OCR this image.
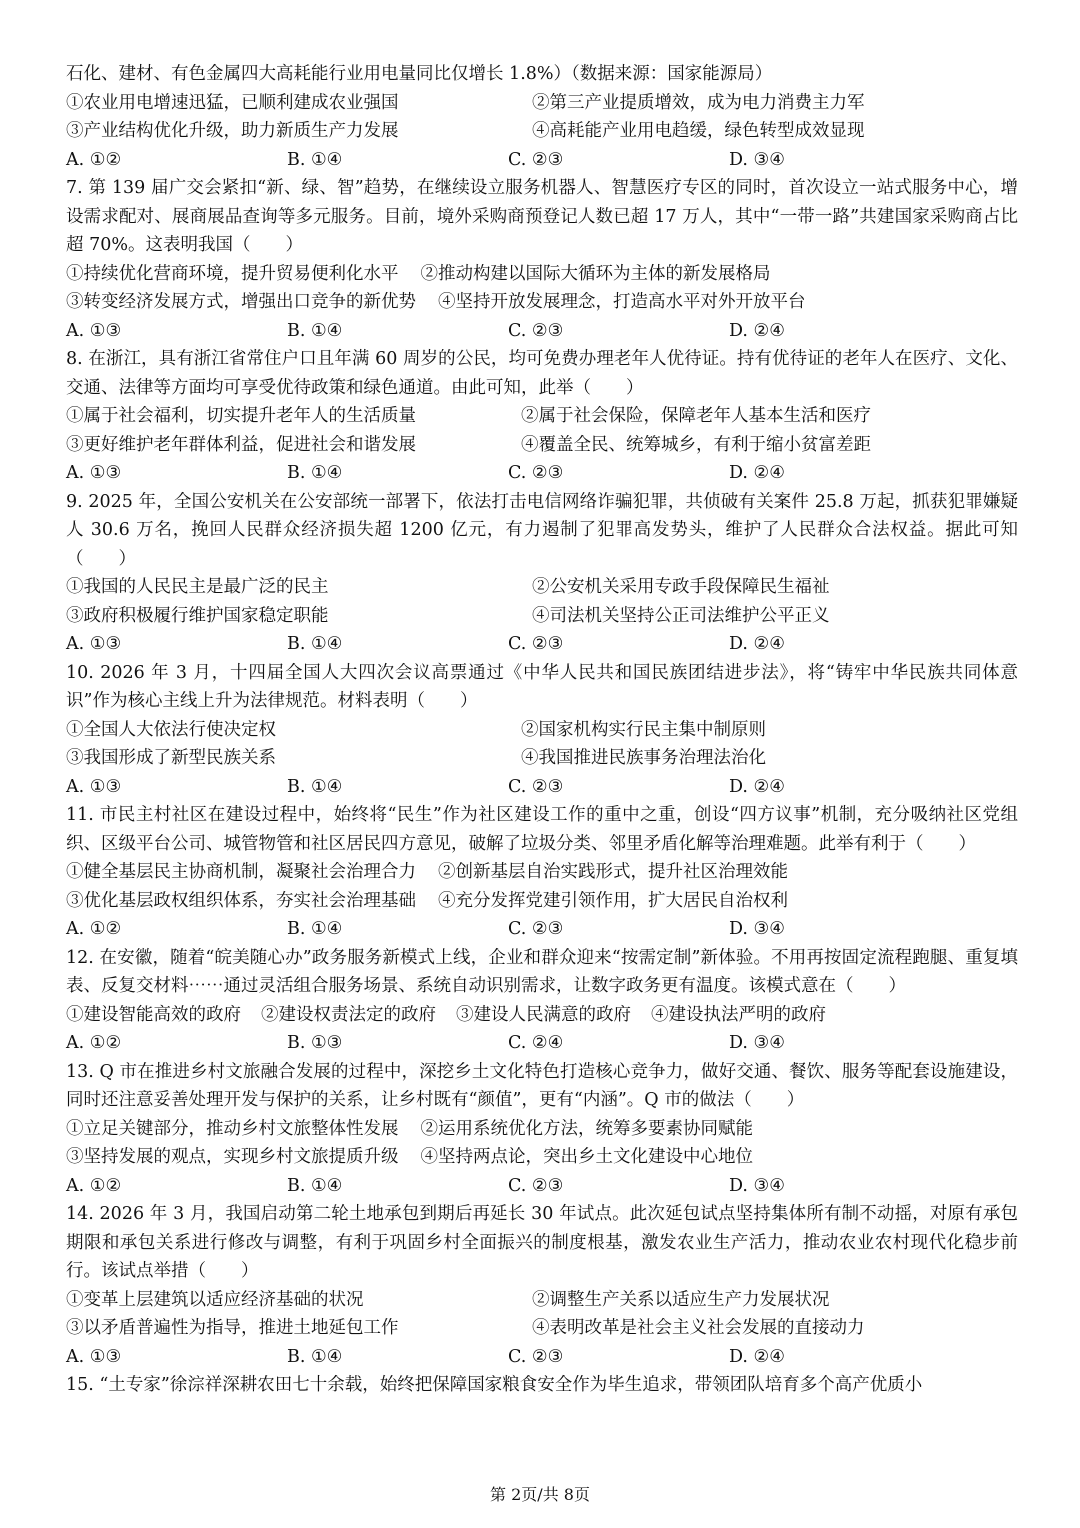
石化、建材、有色金属四大高耗能行业用电量同比仅增长 1.8%）（数据来源：国家能源局）
①农业用电增速迅猛，已顺利建成农业强国	②第三产业提质增效，成为电力消费主力军
③产业结构优化升级，助力新质生产力发展	④高耗能产业用电趋缓，绿色转型成效显现
A. ①②	B. ①④	C. ②③	D. ③④
7. 第 139 届广交会紧扣“新、绿、智”趋势，在继续设立服务机器人、智慧医疗专区的同时，首次设立一站式服务中心，增设需求配对、展商展品查询等多元服务。目前，境外采购商预登记人数已超 17 万人，其中“一带一路”共建国家采购商占比超 70%。这表明我国（　　）
①持续优化营商环境，提升贸易便利化水平 ②推动构建以国际大循环为主体的新发展格局
③转变经济发展方式，增强出口竞争的新优势 ④坚持开放发展理念，打造高水平对外开放平台
A. ①③	B. ①④	C. ②③	D. ②④
8. 在浙江，具有浙江省常住户口且年满 60 周岁的公民，均可免费办理老年人优待证。持有优待证的老年人在医疗、文化、交通、法律等方面均可享受优待政策和绿色通道。由此可知，此举（　　）
①属于社会福利，切实提升老年人的生活质量	②属于社会保险，保障老年人基本生活和医疗
③更好维护老年群体利益，促进社会和谐发展	④覆盖全民、统筹城乡，有利于缩小贫富差距
A. ①③	B. ①④	C. ②③	D. ②④
9. 2025 年，全国公安机关在公安部统一部署下，依法打击电信网络诈骗犯罪，共侦破有关案件 25.8 万起，抓获犯罪嫌疑人 30.6 万名，挽回人民群众经济损失超 1200 亿元，有力遏制了犯罪高发势头，维护了人民群众合法权益。据此可知（　　）
①我国的人民民主是最广泛的民主	②公安机关采用专政手段保障民生福祉
③政府积极履行维护国家稳定职能	④司法机关坚持公正司法维护公平正义
A. ①③	B. ①④	C. ②③	D. ②④
10. 2026 年 3 月，十四届全国人大四次会议高票通过《中华人民共和国民族团结进步法》，将“铸牢中华民族共同体意识”作为核心主线上升为法律规范。材料表明（　　）
①全国人大依法行使决定权	②国家机构实行民主集中制原则
③我国形成了新型民族关系	④我国推进民族事务治理法治化
A. ①③	B. ①④	C. ②③	D. ②④
11. 市民主村社区在建设过程中，始终将“民生”作为社区建设工作的重中之重，创设“四方议事”机制，充分吸纳社区党组织、区级平台公司、城管物管和社区居民四方意见，破解了垃圾分类、邻里矛盾化解等治理难题。此举有利于（　　）
①健全基层民主协商机制，凝聚社会治理合力 ②创新基层自治实践形式，提升社区治理效能
③优化基层政权组织体系，夯实社会治理基础 ④充分发挥党建引领作用，扩大居民自治权利
A. ①②	B. ①④	C. ②③	D. ③④
12. 在安徽，随着“皖美随心办”政务服务新模式上线，企业和群众迎来“按需定制”新体验。不用再按固定流程跑腿、重复填表、反复交材料⋯⋯通过灵活组合服务场景、系统自动识别需求，让数字政务更有温度。该模式意在（　　）
①建设智能高效的政府 ②建设权责法定的政府 ③建设人民满意的政府 ④建设执法严明的政府
A. ①②	B. ①③	C. ②④	D. ③④
13. Q 市在推进乡村文旅融合发展的过程中，深挖乡土文化特色打造核心竞争力，做好交通、餐饮、服务等配套设施建设，同时还注意妥善处理开发与保护的关系，让乡村既有“颜值”，更有“内涵”。Q 市的做法（　　）
①立足关键部分，推动乡村文旅整体性发展 ②运用系统优化方法，统筹多要素协同赋能
③坚持发展的观点，实现乡村文旅提质升级 ④坚持两点论，突出乡土文化建设中心地位
A. ①②	B. ①④	C. ②③	D. ③④
14. 2026 年 3 月，我国启动第二轮土地承包到期后再延长 30 年试点。此次延包试点坚持集体所有制不动摇，对原有承包期限和承包关系进行修改与调整，有利于巩固乡村全面振兴的制度根基，激发农业生产活力，推动农业农村现代化稳步前行。该试点举措（　　）
①变革上层建筑以适应经济基础的状况	②调整生产关系以适应生产力发展状况
③以矛盾普遍性为指导，推进土地延包工作	④表明改革是社会主义社会发展的直接动力
A. ①③	B. ①④	C. ②③	D. ②④
15. “土专家”徐淙祥深耕农田七十余载，始终把保障国家粮食安全作为毕生追求，带领团队培育多个高产优质小
第 2页/共 8页
